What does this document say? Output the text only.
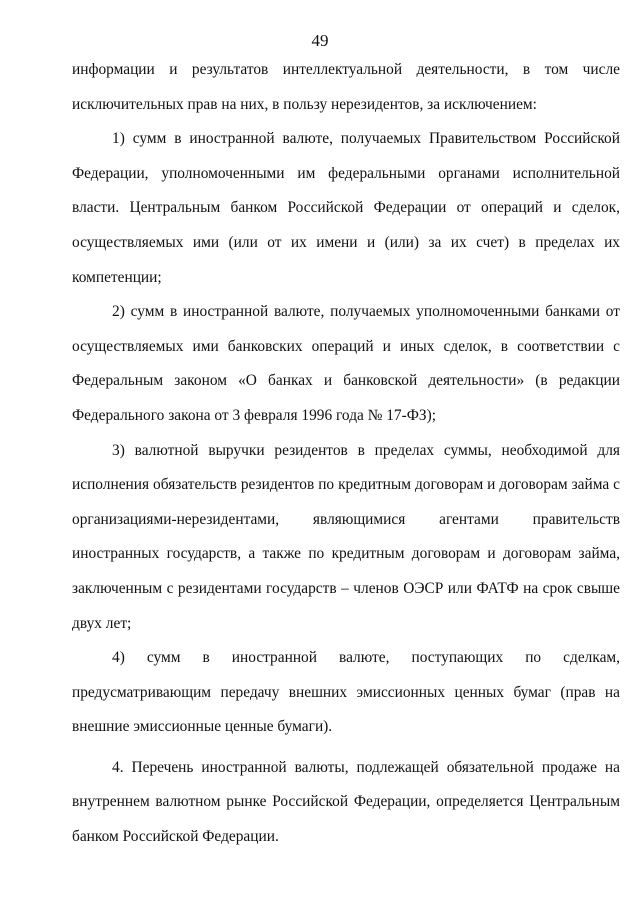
49

информации и результатов интеллектуальной деятельности, в том числе исключительных прав на них, в пользу нерезидентов, за исключением:

1) сумм в иностранной валюте, получаемых Правительством Российской Федерации, уполномоченными им федеральными органами исполнительной власти. Центральным банком Российской Федерации от операций и сделок, осуществляемых ими (или от их имени и (или) за их счет) в пределах их компетенции;

2) сумм в иностранной валюте, получаемых уполномоченными банками от осуществляемых ими банковских операций и иных сделок, в соответствии с Федеральным законом «О банках и банковской деятельности» (в редакции Федерального закона от 3 февраля 1996 года № 17-ФЗ);

3) валютной выручки резидентов в пределах суммы, необходимой для исполнения обязательств резидентов по кредитным договорам и договорам займа с организациями-нерезидентами, являющимися агентами правительств иностранных государств, а также по кредитным договорам и договорам займа, заключенным с резидентами государств – членов ОЭСР или ФАТФ на срок свыше двух лет;

4) сумм в иностранной валюте, поступающих по сделкам, предусматривающим передачу внешних эмиссионных ценных бумаг (прав на внешние эмиссионные ценные бумаги).

4. Перечень иностранной валюты, подлежащей обязательной продаже на внутреннем валютном рынке Российской Федерации, определяется Центральным банком Российской Федерации.
